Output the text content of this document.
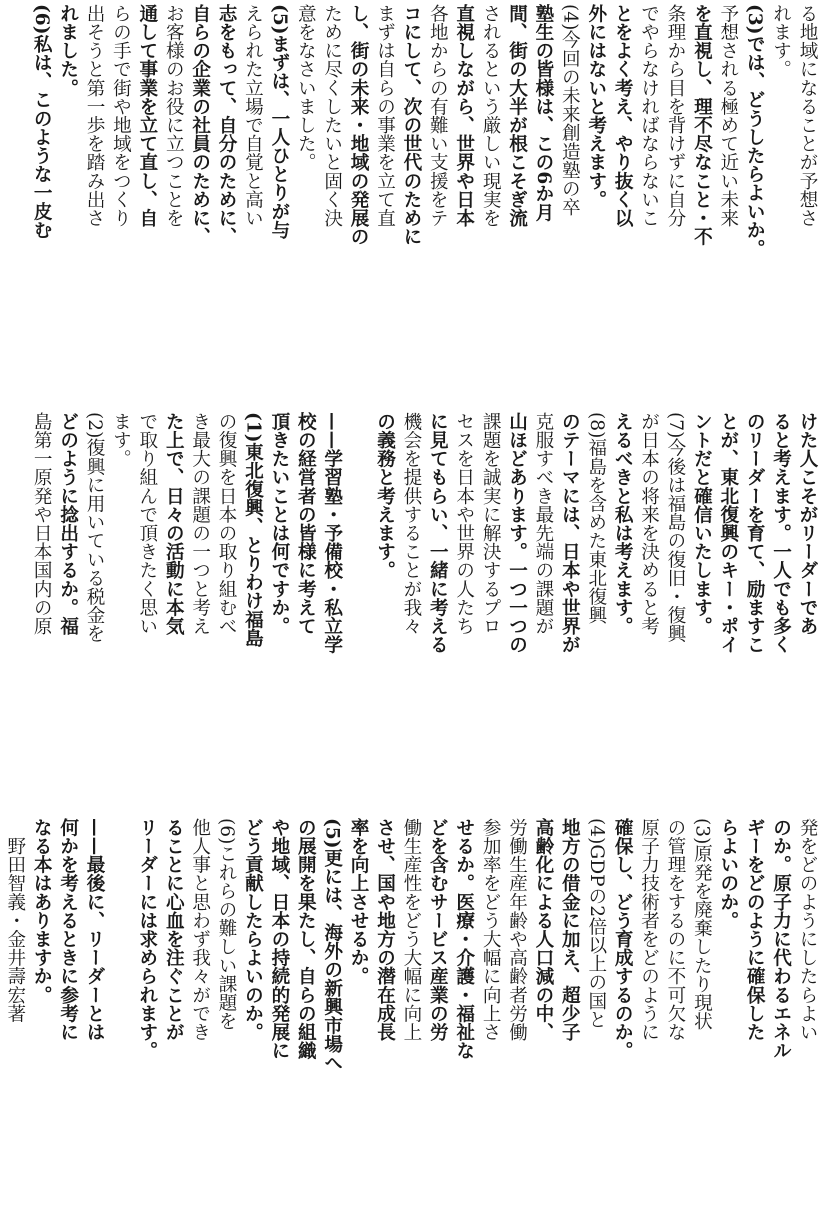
る地域になることが予想さ
れます。
(3)では、どうしたらよいか。
予想される極めて近い未来
を直視し、理不尽なこと・不
条理から目を背けずに自分
でやらなければならないこ
とをよく考え、やり抜く以
外にはないと考えます。
(4)今回の未来創造塾の卒
塾生の皆様は、この6か月
間、街の大半が根こそぎ流
されるという厳しい現実を
直視しながら、世界や日本
各地からの有難い支援をテ
コにして、次の世代のために
まずは自らの事業を立て直
し、街の未来・地域の発展の
ために尽くしたいと固く決
意をなさいました。
(5)まずは、一人ひとりが与
えられた立場で自覚と高い
志をもって、自分のために、
自らの企業の社員のために、
お客様のお役に立つことを
通して事業を立て直し、自
らの手で街や地域をつくり
出そうと第一歩を踏み出さ
れました。
(6)私は、このような一皮む
けた人こそがリーダーであ
ると考えます。一人でも多く
のリーダーを育て、励ますこ
とが、東北復興のキー・ポイ
ントだと確信いたします。
(7)今後は福島の復旧・復興
が日本の将来を決めると考
えるべきと私は考えます。
(8)福島を含めた東北復興
のテーマには、日本や世界が
克服すべき最先端の課題が
山ほどあります。一つ一つの
課題を誠実に解決するプロ
セスを日本や世界の人たち
に見てもらい、一緒に考える
機会を提供することが我々
の義務と考えます。

——学習塾・予備校・私立学
校の経営者の皆様に考えて
頂きたいことは何ですか。
(1)東北復興、とりわけ福島
の復興を日本の取り組むべ
き最大の課題の一つと考え
た上で、日々の活動に本気
で取り組んで頂きたく思い
ます。
(2)復興に用いている税金を
どのように捻出するか。福
島第一原発や日本国内の原
発をどのようにしたらよい
のか。原子力に代わるエネル
ギーをどのように確保した
らよいのか。
(3)原発を廃棄したり現状
の管理をするのに不可欠な
原子力技術者をどのように
確保し、どう育成するのか。
(4)GDPの2倍以上の国と
地方の借金に加え、超少子
高齢化による人口減の中、
労働生産年齢や高齢者労働
参加率をどう大幅に向上さ
せるか。医療・介護・福祉な
どを含むサービス産業の労
働生産性をどう大幅に向上
させ、国や地方の潜在成長
率を向上させるか。
(5)更には、海外の新興市場へ
の展開を果たし、自らの組織
や地域、日本の持続的発展に
どう貢献したらよいのか。
(6)これらの難しい課題を
他人事と思わず我々ができ
ることに心血を注ぐことが
リーダーには求められます。

——最後に、リーダーとは
何かを考えるときに参考に
なる本はありますか。
　野田智義・金井壽宏著
